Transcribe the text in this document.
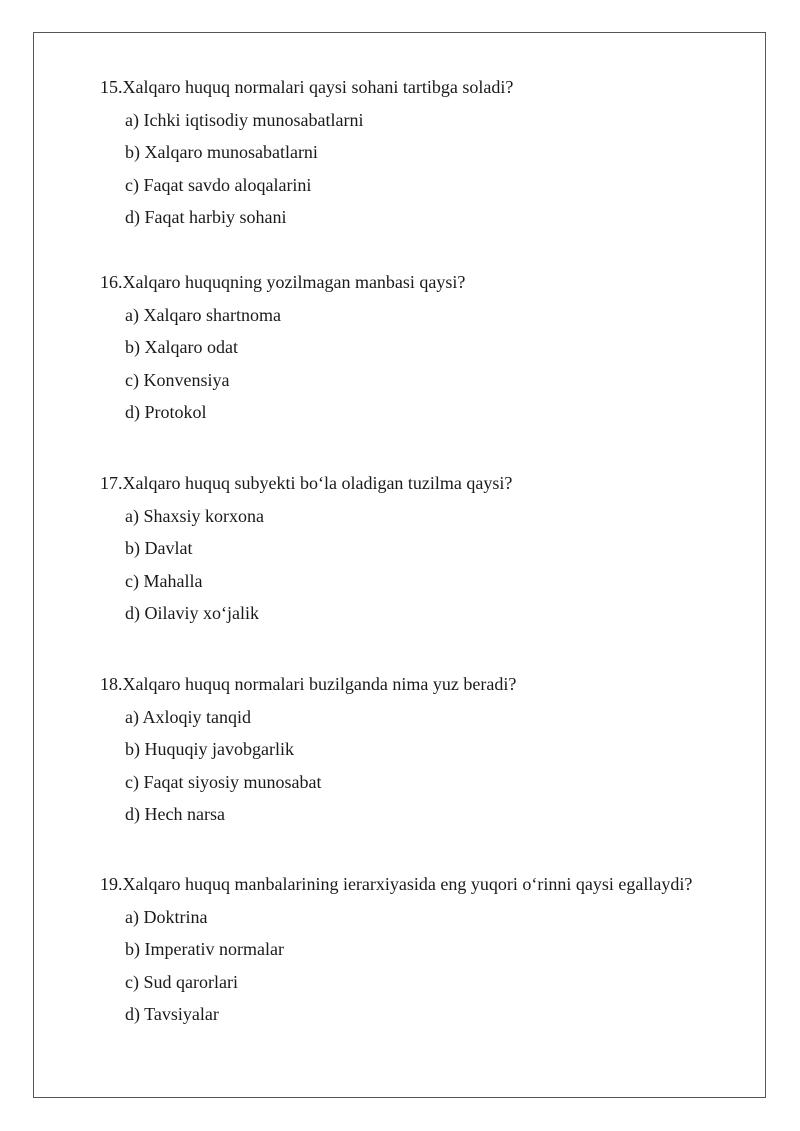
15.Xalqaro huquq normalari qaysi sohani tartibga soladi?

a) Ichki iqtisodiy munosabatlarni

b) Xalqaro munosabatlarni

c) Faqat savdo aloqalarini

d) Faqat harbiy sohani

16.Xalqaro huquqning yozilmagan manbasi qaysi?

a) Xalqaro shartnoma

b) Xalqaro odat

c) Konvensiya

d) Protokol

17.Xalqaro huquq subyekti bo‘la oladigan tuzilma qaysi?

a) Shaxsiy korxona

b) Davlat

c) Mahalla

d) Oilaviy xo‘jalik

18.Xalqaro huquq normalari buzilganda nima yuz beradi?

a) Axloqiy tanqid

b) Huquqiy javobgarlik

c) Faqat siyosiy munosabat

d) Hech narsa

19.Xalqaro huquq manbalarining ierarxiyasida eng yuqori o‘rinni qaysi egallaydi?

a) Doktrina

b) Imperativ normalar

c) Sud qarorlari

d) Tavsiyalar
